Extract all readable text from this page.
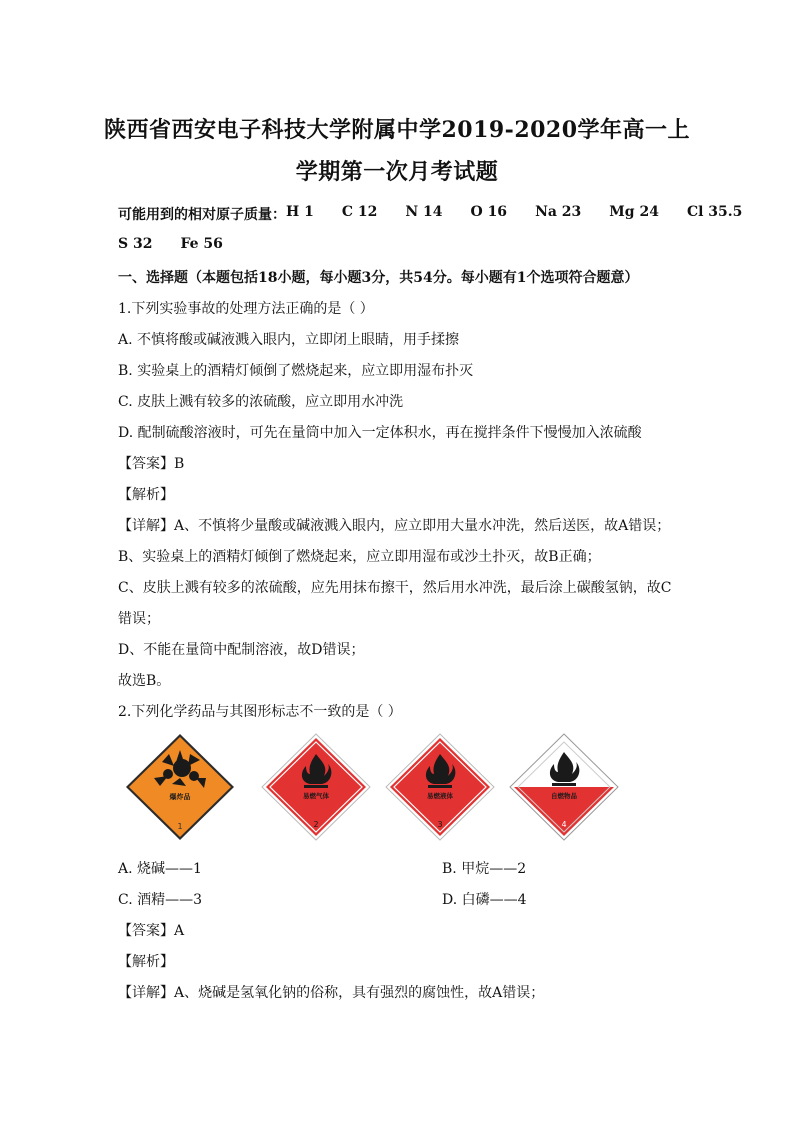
陕西省西安电子科技大学附属中学2019-2020学年高一上
学期第一次月考试题
可能用到的相对原子质量： H 1 C 12 N 14 O 16 Na 23 Mg 24 Cl 35.5
S 32 Fe 56
一、选择题（本题包括18小题，每小题3分，共54分。每小题有1个选项符合题意）
1.下列实验事故的处理方法正确的是（ ）
A. 不慎将酸或碱液溅入眼内，立即闭上眼睛，用手揉擦
B. 实验桌上的酒精灯倾倒了燃烧起来，应立即用湿布扑灭
C. 皮肤上溅有较多的浓硫酸，应立即用水冲洗
D. 配制硫酸溶液时，可先在量筒中加入一定体积水，再在搅拌条件下慢慢加入浓硫酸
【答案】B
【解析】
【详解】A、不慎将少量酸或碱液溅入眼内，应立即用大量水冲洗，然后送医，故A错误；
B、实验桌上的酒精灯倾倒了燃烧起来，应立即用湿布或沙土扑灭，故B正确；
C、皮肤上溅有较多的浓硫酸，应先用抹布擦干，然后用水冲洗，最后涂上碳酸氢钠，故C
错误；
D、不能在量筒中配制溶液，故D错误；
故选B。
2.下列化学药品与其图形标志不一致的是（ ）
爆炸品
1
易燃气体
2
易燃液体
3
自燃物品
4
A. 烧碱——1	B. 甲烷——2
C. 酒精——3	D. 白磷——4
【答案】A
【解析】
【详解】A、烧碱是氢氧化钠的俗称，具有强烈的腐蚀性，故A错误；
